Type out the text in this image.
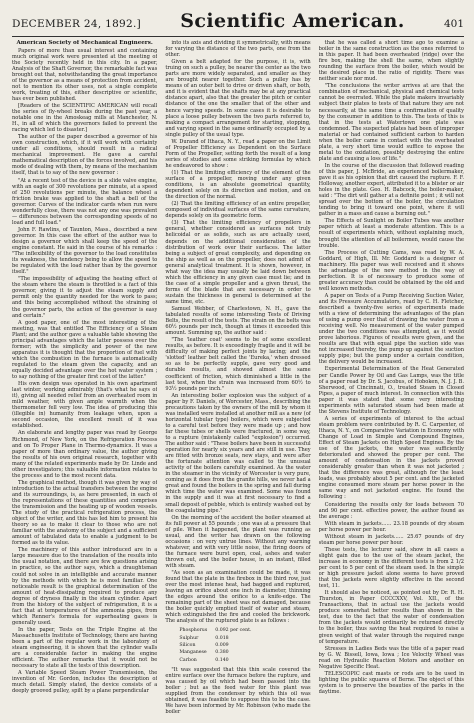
DECEMBER 24, 1892.] Scientific American.	401
American Society of Mechanical Engineers.

Papers of more than usual interest and containing much original work were presented at the meeting of the Society recently held in this city. In a paper, Analysis of the Shaft Governor, the remarkable fact was brought out that, notwithstanding the great importance of the governor as a means of protection from accident, not to mention its other uses, not a single complete work, treating of this, either descriptive or scientific, has ever been published.

[Readers of the SCIENTIFIC AMERICAN will recall the series of fly-wheel breaks during the past year, a notable one in the Amoskeag mills at Manchester, N. H., in all of which the governors failed to prevent the racing which led to disaster.]

The author of the paper described a governor of his own construction, which, if it will work with certainty under all conditions, should result in a radical mechanical improvement. He gave a careful mathematical description of the forces involved, and his mode of dealing with them, by means of the mechanism itself, that is to say of the new governor :

"At a recent test of the device in a slide valve engine, with an eagle of 300 revolutions per minute, at a speed of 250 revolutions per minute, the balance wheel a friction brake was applied to the shaft a bell of the governor. Curves of the indicator cards when run were wonderfully close, there was not any one was prevalent — differences between the corresponding speeds of no load and full load."

John F. Rawlins, of Taunton, Mass., described a new governor. In this case the effort of the author was to design a governor which shall keep the speed of the engine constant. He said in the course of his remarks : "The inflexibility of the governor to the load constitutes its weakness, the tendency being to allow the speed to be regulated with the load rather than by the governor itself."

"The impossibility of adjusting the heating effect of the steam where the steam is throttled is a fact of this governor, giving it to adjust the steam supply and permit only the quantity needed for the work to pass; and this being accomplished without the straining of the governor parts, the action of the governor is easy and certain."

A good paper, one of the most interesting of the meeting, was that entitled The Efficiency of a Steam Plant; and the author gave a valuable table showing the principal advantages which the latter possess over the former; with the simplicity and power of the new apparatus it is thought that the proportion of fuel with which the combustion in the furnace is automatically regulated to the steam given the capacity, and an equally decided advantage over the hot water system ; to say nothing of the greater first cost of the latter."

His own design was operated in his own apartment last winter, working admirably (that's what he says of it), giving all needed relief from an overheated room in mild weather, with given ample warmth when the thermometer fell very low. The idea of producing this (illegible in) humanity from leakage when, upon a second occasion, the excellent result of it was established.

An elaborate and lengthy paper was read by George Richmond, of New York, on the Refrigeration Process and on To Proper Plane in Thermo-dynamics. It was a paper of more than ordinary value, the author giving the results of his own original research, together with many of the related experiments made by Dr. Linde and other investigators; this valuable information relates to the process and to the most recent data.

The graphical method, though it was given by way of introduction to the actual transfers between the engine and its surroundings, is, as here presented, in each of the representations of these quantities and comprises the transmission and the heating up of wooden vessels. The study of the practical refrigeration process, the object of the writer, and this has led him to present his theory so as to make it clear to those who are not familiar with the anatomy of the subject and a sufficient amount of tabulated data to enable a judgment to be formed as to its value.

The machinery of this author introduced are in a large measure due to the translation of the results into the usual notation, and there are few questions arising in practice, so the author says, which a draughtsman could not solve in an intelligible and accurate manner by the methods with which he is most familiar. One noticeable result is the graphical determination of the amount of heat-dissipating required to produce any degree of dryness finally in the steam cylinder. Apart from the history of the subject of refrigeration, it is a fact that at temperatures of the ammonia pipes, from which Renner's formula for superheating gases is generally used.

In the paper, Tests on the Triple Engine at the Massachusetts Institute of Technology, there are having been a part of the regular work in the laboratory of steam engineering, it is shown that the cylinder walls are a considerable factor in making the engine efficient. The author remarks that it would not be necessary to state all the tests of this description.

A Variable Speed Steam Power Transmission, the invention of Mr. Gordon, includes the description of much detail. Simply stated, the device consists of a deeply grooved pulley, spilt by a plane perpendicular

into its axis and dividing it symmetrically, with means for varying the distance of the two parts, one from the other.

Given a belt adapted for the purpose, it is, with truing on such a pulley, be nearer the center as the two parts are more widely separated, and smaller as they are brought nearer together. Such a pulley has by means of an outer belt to drive or driven shaft, or both, and it is evident that the shafts may be at any practical distance apart, also that the greater the pitch or center distance of the one the smaller that of the other and hence varying speeds. In some cases it is desirable to place a loose pulley between the two parts referred to, making a compact arrangement for starting, stopping, and varying speed in the same ordinarily occupied by a single pulley of the usual type.

W. Durand of Ithaca, N. Y., read a paper on the Limit of Propeller Efficiency as Dependent on the Surface Form of the Propeller, setting forth the result of a long series of studies and some striking formulas by which he endeavored to show :

(1) That the limiting efficiency of the element of the surface of a propeller, moving under any given conditions, is an absolute geometrical quantity, dependent solely on its direction and motion, and on the direction of the normal.

(2) That the limiting efficiency of an entire propeller, composed of individual surfaces of the same curvature, depends solely on its geometric form.

(3) That the limiting efficiency of propellers in general, whether considered as surfaces not truly helicoidal or as solids, such as are actually used, depends on the additional consideration of the distribution of work over their surfaces. The latter being a subject of great complexity, and depending on the ship as well as on the propeller, does not admit of general analytical treatment. It is shown, however, in what way the idea may usually be laid down between which the efficiency in any given case must lie; and in the case of a simple propeller and a given thrust, the forms of the blade that are necessary in order to sustain the thickness in general is determined at the same time, etc.

Samuel Webber, of Charlestown, N. H., gave the tabulated results of some interesting Tests of Driving Belts, the result of the tests. The strain on the belts was 60½ pounds per inch, though at times it exceeded this amount. Summing up, the author said :

"The 'leather coat' seems to be of some excellent results, as before. It is exceedingly fragile and it will be difficulty of making perfect joints by lacing; and the 'slotted' leather belt called the 'Eureka,' when dressed so as to be perfectly supple, gave very good and durable results, and showed almost the same coefficient of friction, which diminished a little in the last test, when the strain was increased from 60½ to 93½ pounds per inch."

An interesting boiler explosion was the subject of a paper by F. Daniels, of Worcester, Mass., describing the precautions taken by the owners of the mill by whom it was installed were installed at another mill as a new (of horizontal tubular type) boilers, which were subjected to a careful test before they were made up ; and how far these tubes or shells were fractured, in some way, to a rupture (mistakenly called "explosion") occurred. The author said : "These boilers have been in successful operation for nearly six years and are still in use. They are fitted with bronze seats, new stays, and were after the fortunate attention was called to the unusual activity of the boilers carefully examined. As the water in the steamer in the vicinity of Worcester is very pure, coming as it does from the granite hills, we never had a great and found the boilers in the spring and fall during which time the water was examined. Some was found in the supply and it was at first necessary to find a small deposit of pebble, which is entirely washed out by the coagulating pipe."

On the morning of the accident the boiler steamed at its full power at 55 pounds ; one was at a pressure that of pile. When it happened, the plant was running as usual, and the writer has drawn on the following occasions : on very untrue lines. Without any warning whatever, and with very little noise, the firing doors of the furnace were burst open, coal, ashes and water thrown out, and the boiler house, in an instant, filled with steam.

"As soon as an examination could be made, it was found that the plate in the firebox in the third row, just over the most intense heat, had bagged and ruptured, leaving an orifice about one inch in diameter, thinning the edges around the orifice to a knife-edge. The remaining part of the sheet was not damaged, because the boiler quickly emptied itself of water and steam, which extinguished the fire and cooled the brickwork. The analysis of the ruptured plate is as follows :

Phosphorus	0.092 per cent.
Sulphur	0.018
Silicon	0.009
Manganese	0.380
Carbon	0.140

"It was suggested that this thin scale covered the entire surface over the furnace before the rupture, and was caused by oil which had been passed into the boiler ; but as the feed water for this plant was supplied from the condenser by which this oil was obtained, it was feasible to suppose this to be the case. We have been informed by Mr. Robinson (who made the boiler

that he was called a short time ago to examine a boiler in the same construction as the ones referred to in this paper. It had been overheated (ridge) over the fire box, making the shell the same, when slightly rounding the surface from the boiler, which would be the desired place in the ratio of rigidity. There was neither scale nor mud.

"The conclusions the writer arrives at are that the combination of mechanical, physical and chemical tests cannot be overrated. While the plate makers invariably subject their plates to tests of that nature they are not necessarily, at the same time a confirmation of quality by the consumer in addition to this. The tests of this is that in the tests at Watertown one plate was condemned. The suspected plates had been of improper material or had contained sufficient carbon to harden when the boiler came in contact with the overheated plate, a very short time would suffice to expose the metal to the oxidation, possibly destroying the entire plate and causing a loss of life."

In the course of the discussion that followed reading of this paper, J. McBride, an experienced boilermaker, gave it as his opinion that dirt caused the rupture. F. F. Holloway, another expert, attributed it to a blister or air holes in the plate. Geo. H. Babcock, the boiler-maker, said : "The dirt will gather at a definite point ; it will not spread over the bottom of the boiler, the circulation tending to bring it toward one point, where it will gather in a mass and cause a burning out."

The Effects of Sunlight on Boiler Tubes was another paper which at least a moderate attention. This is a result of experiments which, without explaining much, brought the attention of all boilermen, would cause the trouble.

The Process of Cutting Cams, was read by W. A. Goddard, of High, Ill. Mr. Goddard is a designer of machinery. His paper was well received and it shows the advantage of the new method in the way of perfection. It is of necessary to produce some of greater accuracy than could be obtained by the old and well known methods.

A paper on Tests of a Pump Receiving Suction Water, and its Pressure Accumulators, read by C. H. Fletcher, described a twenty-five series of experiments made with a view of determining the advantages of the plan of using a pump over that of drawing the water from a receiving well. No measurement of the water pumped under the two conditions was attempted, as it would prove laborious. Figures of results were given, and the results are that with equal pipe the suction side was not increased thereby, the pump up against the suction supply pipe; but the pump under a certain condition, the delivery would be increased.

Experimental Determination of the Heat Generated per Candle Power by Oil and Gas Lamps, was the title of a paper read by Dr. S. Jacobus, of Hoboken, N. J. J. B. Sherwood, of Cincinnati, O., treated Steam in Closed Pipes, a paper of much interest. In connection with this paper it was stated that some very interesting experiments with saturated steam had been made at the Stevens Institute of Technology.

A series of experiments of interest to the actual steam problem were contributed by R. C. Carpenter, of Ithaca, N. Y., on Comparative Variation in Economy with Change of Load in Simple and Compound Engines, Effect of Steam Jackets on High Speed Engines. By the use of the jackets, the water was sufficiently deteriorated and showed the proper per cent. The amount of condensation in the jackets proved considerably greater than when it was not jacketed ; that the difference was great, although for the least loads, was probably about 5 per cent. and the jacketed engine consumed more steam per horse power in the same way and not jacketed engine. He found the following :

Considering the results only for loads between 70 and 90 per cent. effective power, the author found as the average :

With steam in jackets...... 23.18 pounds of dry steam per horse power per hour.

Without steam in jackets...... 25.67 pounds of dry steam per horse power per hour.

These tests, the lecturer said, show in all cases a slight gain due to the use of the steam jacket, the increase in economy in the different tests is from 2 1/2 per cent to 5 per cent of the steam used. In the simple or high pressure jacket alone seems to have proved that the jackets were slightly effective in the second test, 11.

It should also be noticed, as pointed out by Dr. R. H. Thurston, in Paper CCCCXXV, Vol. XII., of the Transactions, that in actual use the jackets would produce somewhat better results than shown in the test, due to the fact that the water of condensation from the jackets would ordinarily be returned directly to the boiler, thus saving the heat required to raise a given weight of that water through the required range of temperature.

Stresses in Ladies Beds was the title of a paper read by G. W. Bissell, Iowa, Iowa ; Ice Velocity Wheel was read on Hydraulic Reaction Motors and another on Negative Specific Heat.

TELESCOPIC cast masts or rods are to be used in lighting the public squares of Berne. The object of this system is to preserve the beauties of the parks in the daytime.
